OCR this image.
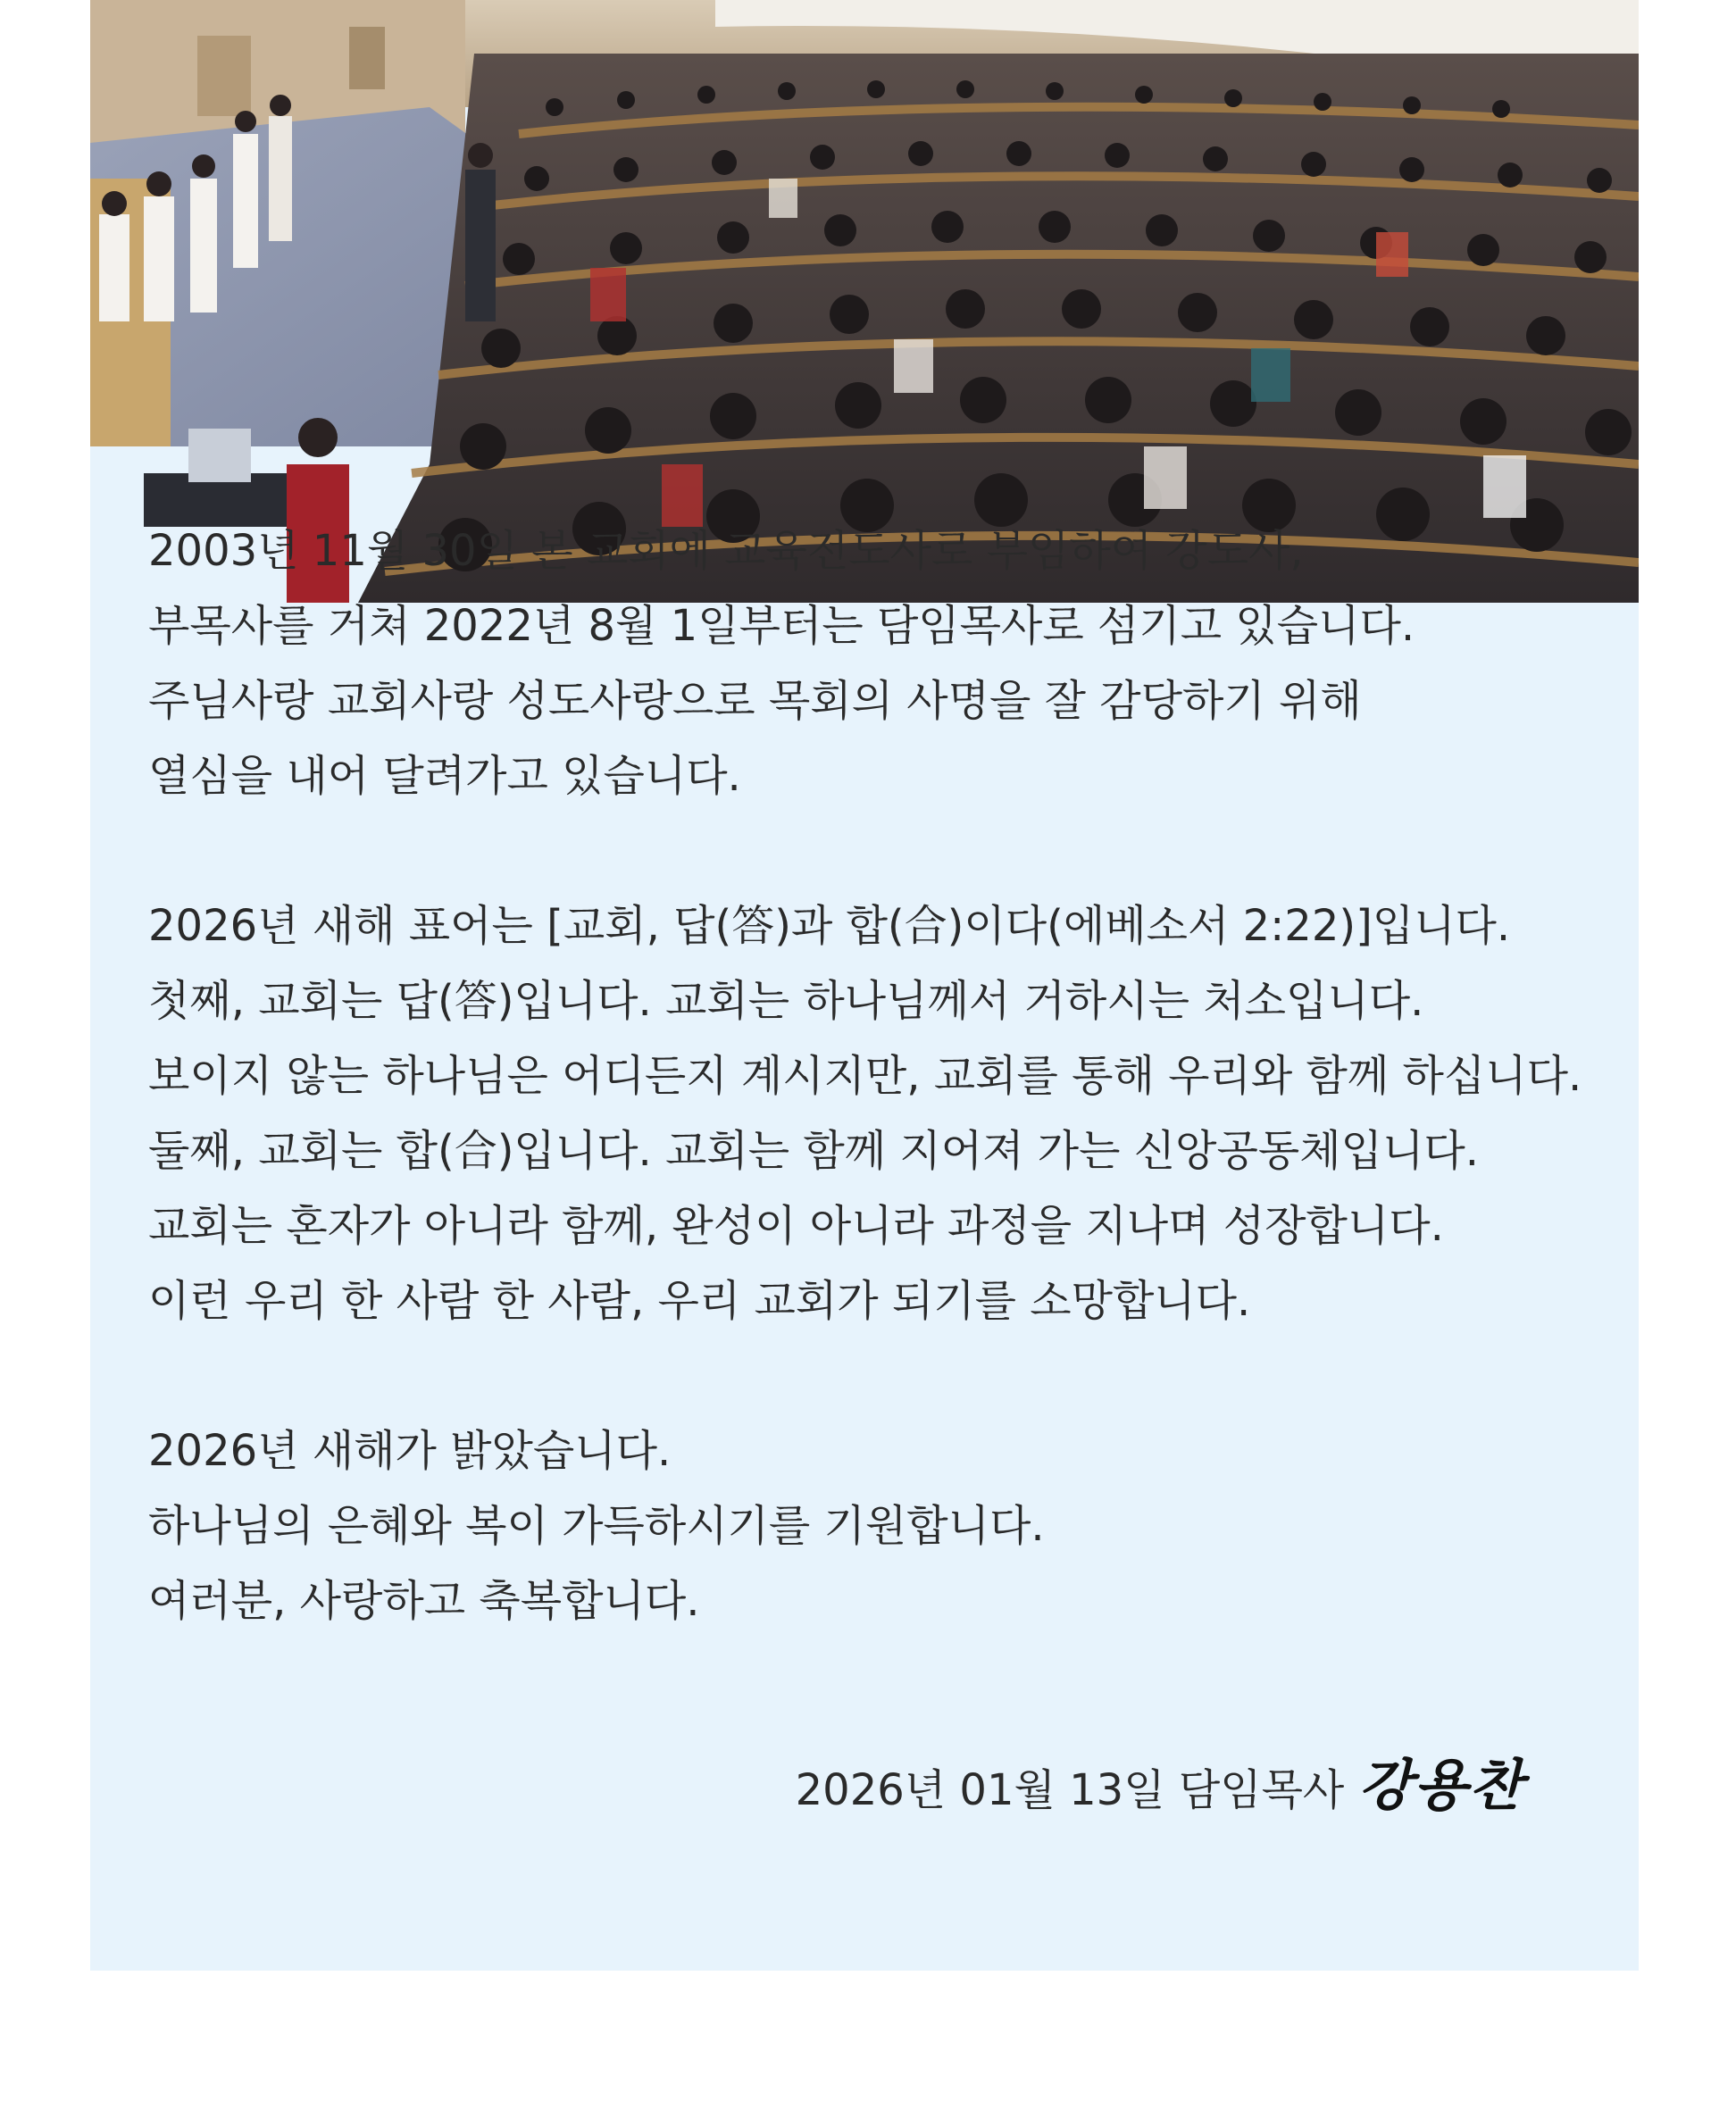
2003년 11월 30일 본 교회에 교육전도사로 부임하여 강도사,
부목사를 거쳐 2022년 8월 1일부터는 담임목사로 섬기고 있습니다.
주님사랑 교회사랑 성도사랑으로 목회의 사명을 잘 감당하기 위해
열심을 내어 달려가고 있습니다.

2026년 새해 표어는 [교회, 답(答)과 합(合)이다(에베소서 2:22)]입니다.
첫째, 교회는 답(答)입니다. 교회는 하나님께서 거하시는 처소입니다.
보이지 않는 하나님은 어디든지 계시지만, 교회를 통해 우리와 함께 하십니다.
둘째, 교회는 합(合)입니다. 교회는 함께 지어져 가는 신앙공동체입니다.
교회는 혼자가 아니라 함께, 완성이 아니라 과정을 지나며 성장합니다.
이런 우리 한 사람 한 사람, 우리 교회가 되기를 소망합니다.

2026년 새해가 밝았습니다.
하나님의 은혜와 복이 가득하시기를 기원합니다.
여러분, 사랑하고 축복합니다.

2026년 01월 13일 담임목사 강용찬
